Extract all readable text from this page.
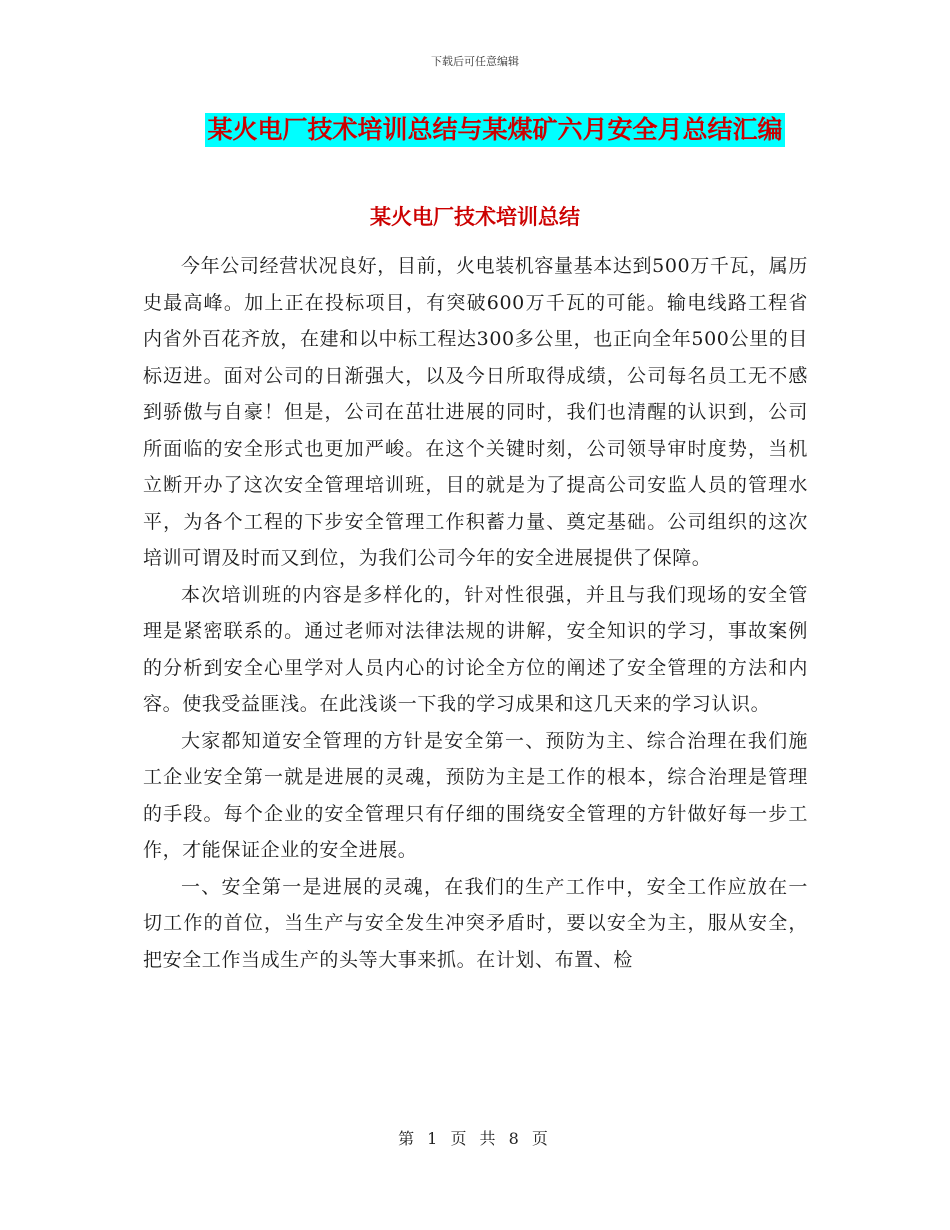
下载后可任意编辑
某火电厂技术培训总结与某煤矿六月安全月总结汇编
某火电厂技术培训总结

今年公司经营状况良好，目前，火电装机容量基本达到500万千瓦，属历史最高峰。加上正在投标项目，有突破600万千瓦的可能。输电线路工程省内省外百花齐放，在建和以中标工程达300多公里，也正向全年500公里的目标迈进。面对公司的日渐强大，以及今日所取得成绩，公司每名员工无不感到骄傲与自豪！但是，公司在茁壮进展的同时，我们也清醒的认识到，公司所面临的安全形式也更加严峻。在这个关键时刻，公司领导审时度势，当机立断开办了这次安全管理培训班，目的就是为了提高公司安监人员的管理水平，为各个工程的下步安全管理工作积蓄力量、奠定基础。公司组织的这次培训可谓及时而又到位，为我们公司今年的安全进展提供了保障。

本次培训班的内容是多样化的，针对性很强，并且与我们现场的安全管理是紧密联系的。通过老师对法律法规的讲解，安全知识的学习，事故案例的分析到安全心里学对人员内心的讨论全方位的阐述了安全管理的方法和内容。使我受益匪浅。在此浅谈一下我的学习成果和这几天来的学习认识。

大家都知道安全管理的方针是安全第一、预防为主、综合治理在我们施工企业安全第一就是进展的灵魂，预防为主是工作的根本，综合治理是管理的手段。每个企业的安全管理只有仔细的围绕安全管理的方针做好每一步工作，才能保证企业的安全进展。

一、安全第一是进展的灵魂，在我们的生产工作中，安全工作应放在一切工作的首位，当生产与安全发生冲突矛盾时，要以安全为主，服从安全，把安全工作当成生产的头等大事来抓。在计划、布置、检

第 1 页 共 8 页
